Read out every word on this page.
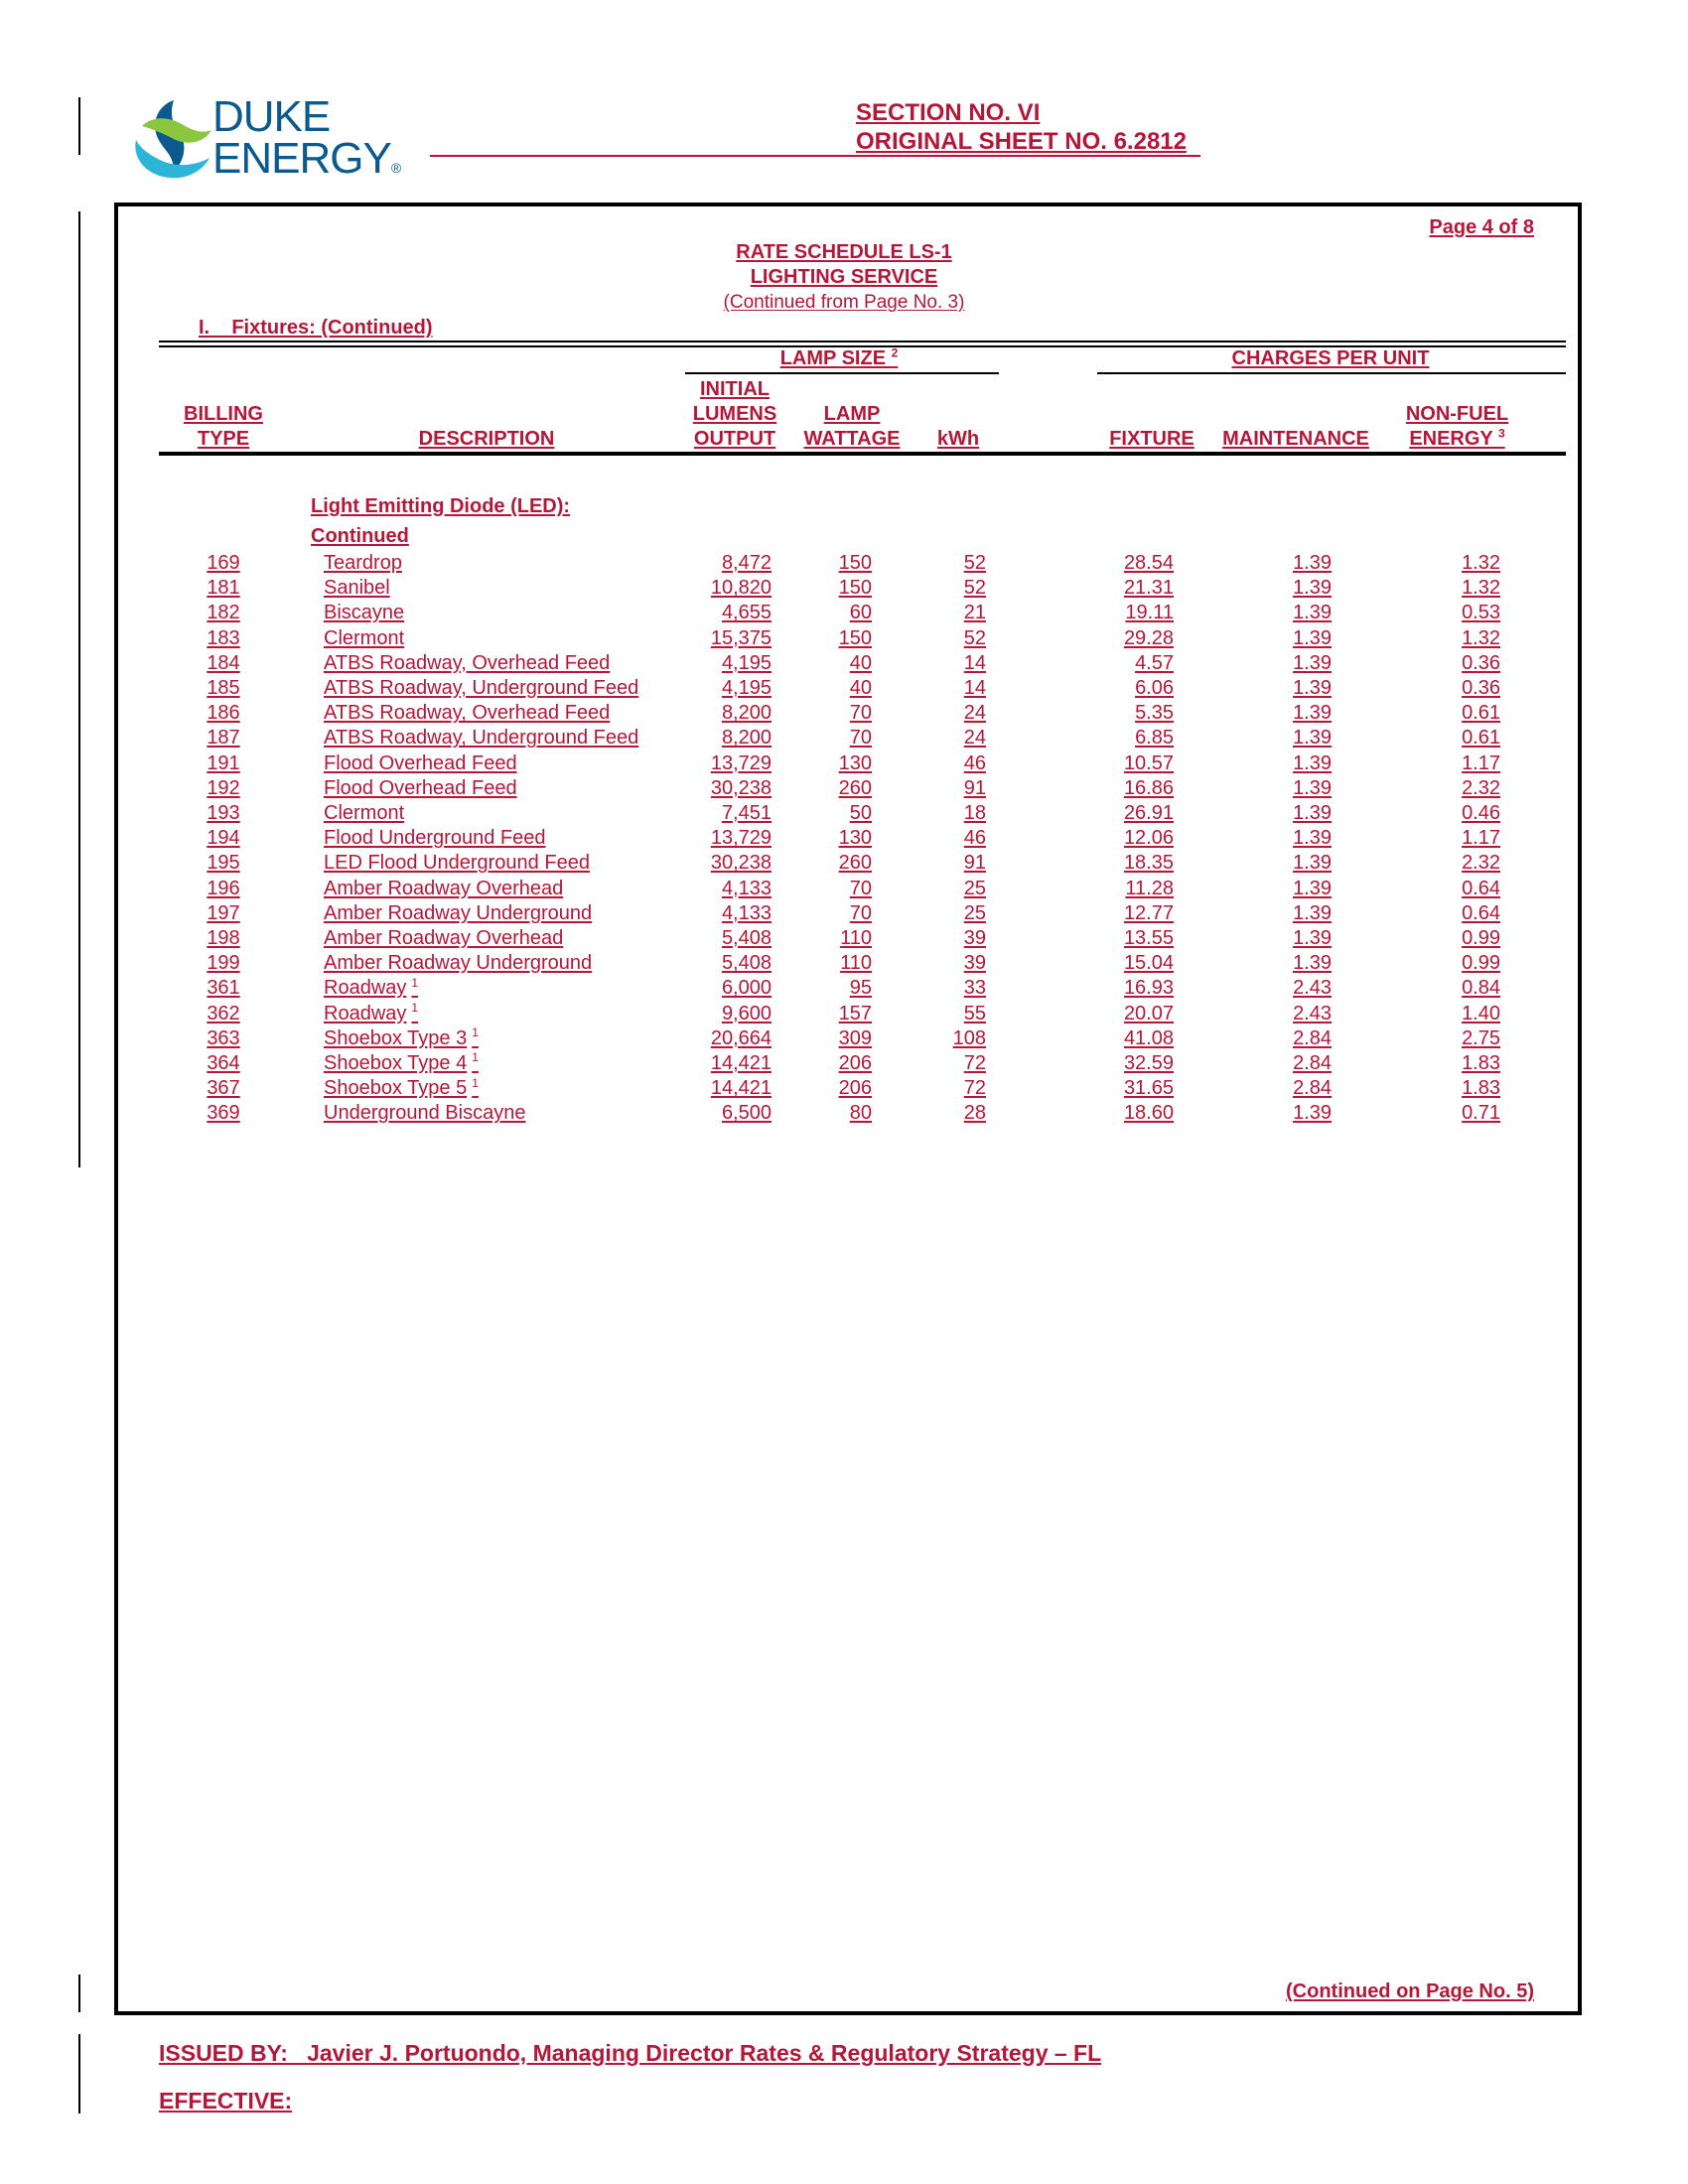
DUKE
ENERGY®
SECTION NO. VI
ORIGINAL SHEET NO. 6.2812
Page 4 of 8
RATE SCHEDULE LS-1
LIGHTING SERVICE
(Continued from Page No. 3)
I.    Fixtures: (Continued)
LAMP SIZE $^2$	CHARGES PER UNIT
BILLING
TYPE	DESCRIPTION
INITIAL
LUMENS
OUTPUT
LAMP
WATTAGE	kWh	FIXTURE	MAINTENANCE
NON-FUEL
ENERGY $^3$
Light Emitting Diode (LED):
Continued
169	Teardrop	8,472	150	52	28.54	1.39	1.32
181	Sanibel	10,820	150	52	21.31	1.39	1.32
182	Biscayne	4,655	60	21	19.11	1.39	0.53
183	Clermont	15,375	150	52	29.28	1.39	1.32
184	ATBS Roadway, Overhead Feed	4,195	40	14	4.57	1.39	0.36
185	ATBS Roadway, Underground Feed	4,195	40	14	6.06	1.39	0.36
186	ATBS Roadway, Overhead Feed	8,200	70	24	5.35	1.39	0.61
187	ATBS Roadway, Underground Feed	8,200	70	24	6.85	1.39	0.61
191	Flood Overhead Feed	13,729	130	46	10.57	1.39	1.17
192	Flood Overhead Feed	30,238	260	91	16.86	1.39	2.32
193	Clermont	7,451	50	18	26.91	1.39	0.46
194	Flood Underground Feed	13,729	130	46	12.06	1.39	1.17
195	LED Flood Underground Feed	30,238	260	91	18.35	1.39	2.32
196	Amber Roadway Overhead	4,133	70	25	11.28	1.39	0.64
197	Amber Roadway Underground	4,133	70	25	12.77	1.39	0.64
198	Amber Roadway Overhead	5,408	110	39	13.55	1.39	0.99
199	Amber Roadway Underground	5,408	110	39	15.04	1.39	0.99
361	Roadway $^1$	6,000	95	33	16.93	2.43	0.84
362	Roadway $^1$	9,600	157	55	20.07	2.43	1.40
363	Shoebox Type 3 $^1$	20,664	309	108	41.08	2.84	2.75
364	Shoebox Type 4 $^1$	14,421	206	72	32.59	2.84	1.83
367	Shoebox Type 5 $^1$	14,421	206	72	31.65	2.84	1.83
369	Underground Biscayne	6,500	80	28	18.60	1.39	0.71
(Continued on Page No. 5)
ISSUED BY:   Javier J. Portuondo, Managing Director Rates & Regulatory Strategy – FL
EFFECTIVE:
